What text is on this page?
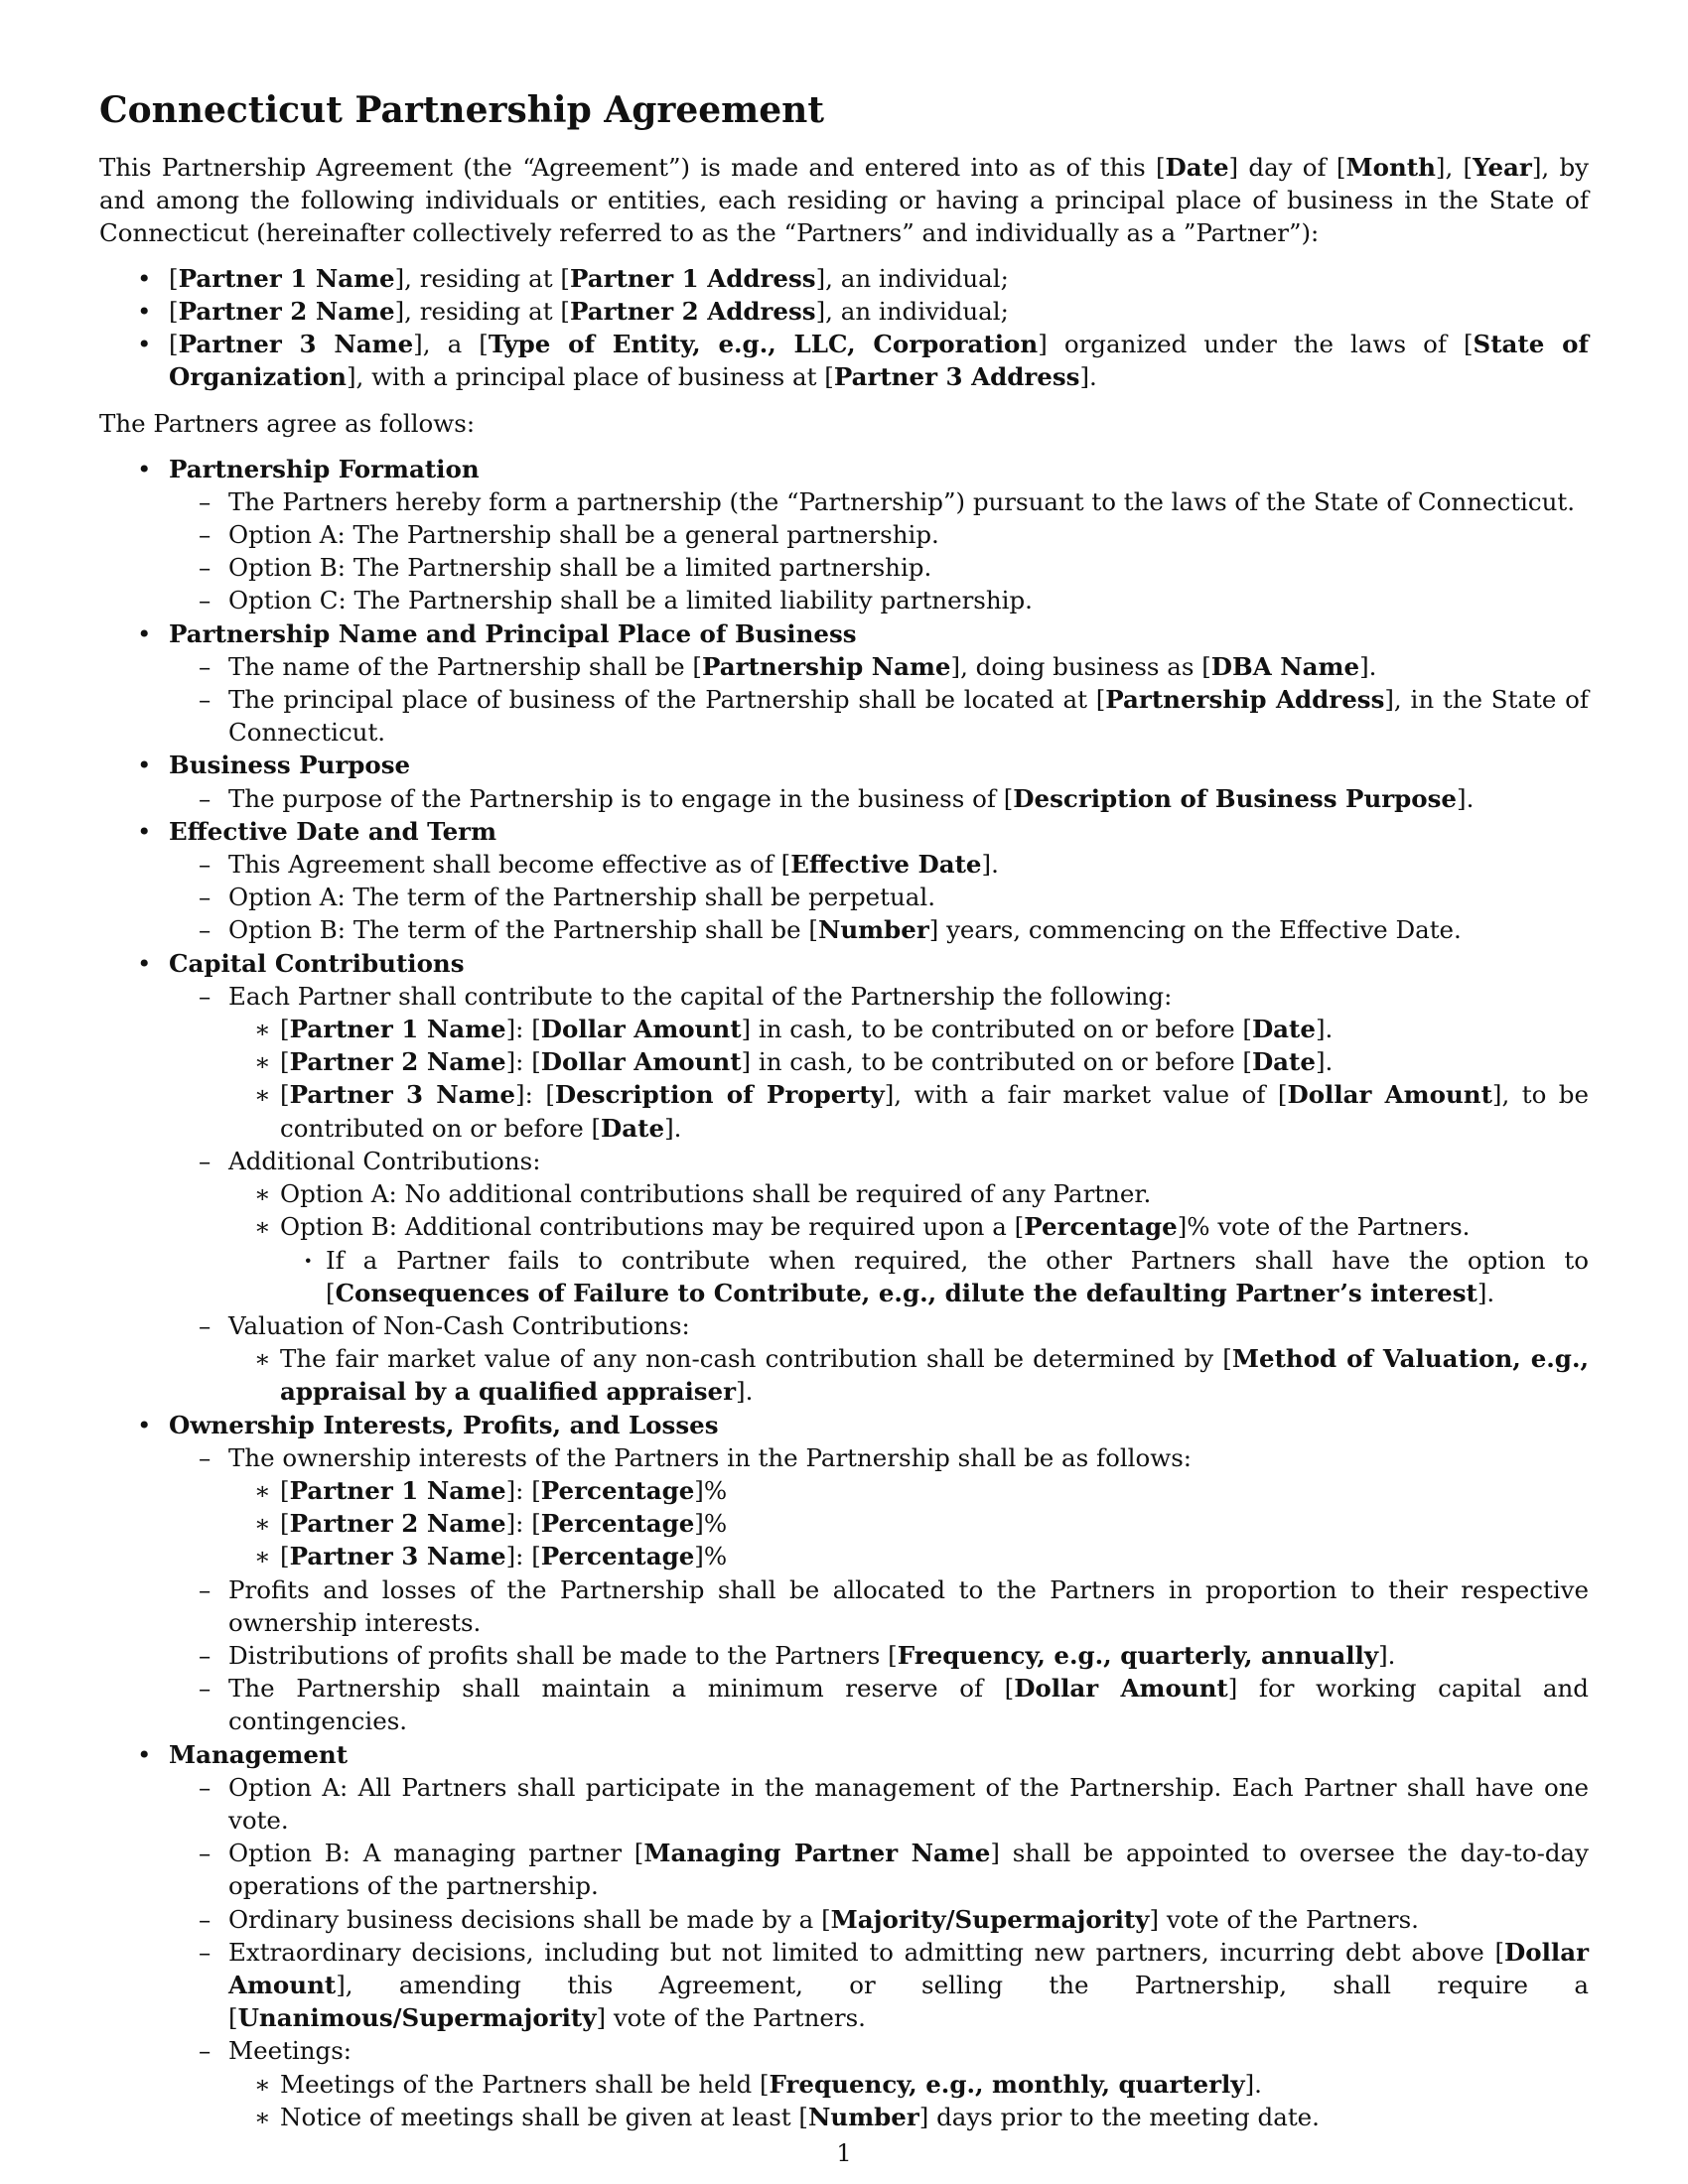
Connecticut Partnership Agreement

This Partnership Agreement (the “Agreement”) is made and entered into as of this [Date] day of [Month], [Year], by and among the following individuals or entities, each residing or having a principal place of business in the State of Connecticut (hereinafter collectively referred to as the “Partners” and individually as a ”Partner”):

• [Partner 1 Name], residing at [Partner 1 Address], an individual;
• [Partner 2 Name], residing at [Partner 2 Address], an individual;
• [Partner 3 Name], a [Type of Entity, e.g., LLC, Corporation] organized under the laws of [State of Organization], with a principal place of business at [Partner 3 Address].

The Partners agree as follows:

• Partnership Formation
– The Partners hereby form a partnership (the “Partnership”) pursuant to the laws of the State of Connecticut.
– Option A: The Partnership shall be a general partnership.
– Option B: The Partnership shall be a limited partnership.
– Option C: The Partnership shall be a limited liability partnership.
• Partnership Name and Principal Place of Business
– The name of the Partnership shall be [Partnership Name], doing business as [DBA Name].
– The principal place of business of the Partnership shall be located at [Partnership Address], in the State of Connecticut.
• Business Purpose
– The purpose of the Partnership is to engage in the business of [Description of Business Purpose].
• Effective Date and Term
– This Agreement shall become effective as of [Effective Date].
– Option A: The term of the Partnership shall be perpetual.
– Option B: The term of the Partnership shall be [Number] years, commencing on the Effective Date.
• Capital Contributions
– Each Partner shall contribute to the capital of the Partnership the following:
∗ [Partner 1 Name]: [Dollar Amount] in cash, to be contributed on or before [Date].
∗ [Partner 2 Name]: [Dollar Amount] in cash, to be contributed on or before [Date].
∗ [Partner 3 Name]: [Description of Property], with a fair market value of [Dollar Amount], to be contributed on or before [Date].
– Additional Contributions:
∗ Option A: No additional contributions shall be required of any Partner.
∗ Option B: Additional contributions may be required upon a [Percentage]% vote of the Partners.
· If a Partner fails to contribute when required, the other Partners shall have the option to [Consequences of Failure to Contribute, e.g., dilute the defaulting Partner’s interest].
– Valuation of Non-Cash Contributions:
∗ The fair market value of any non-cash contribution shall be determined by [Method of Valuation, e.g., appraisal by a qualified appraiser].
• Ownership Interests, Profits, and Losses
– The ownership interests of the Partners in the Partnership shall be as follows:
∗ [Partner 1 Name]: [Percentage]%
∗ [Partner 2 Name]: [Percentage]%
∗ [Partner 3 Name]: [Percentage]%
– Profits and losses of the Partnership shall be allocated to the Partners in proportion to their respective ownership interests.
– Distributions of profits shall be made to the Partners [Frequency, e.g., quarterly, annually].
– The Partnership shall maintain a minimum reserve of [Dollar Amount] for working capital and contingencies.
• Management
– Option A: All Partners shall participate in the management of the Partnership. Each Partner shall have one vote.
– Option B: A managing partner [Managing Partner Name] shall be appointed to oversee the day-to-day operations of the partnership.
– Ordinary business decisions shall be made by a [Majority/Supermajority] vote of the Partners.
– Extraordinary decisions, including but not limited to admitting new partners, incurring debt above [Dollar Amount], amending this Agreement, or selling the Partnership, shall require a [Unanimous/Supermajority] vote of the Partners.
– Meetings:
∗ Meetings of the Partners shall be held [Frequency, e.g., monthly, quarterly].
∗ Notice of meetings shall be given at least [Number] days prior to the meeting date.
1
